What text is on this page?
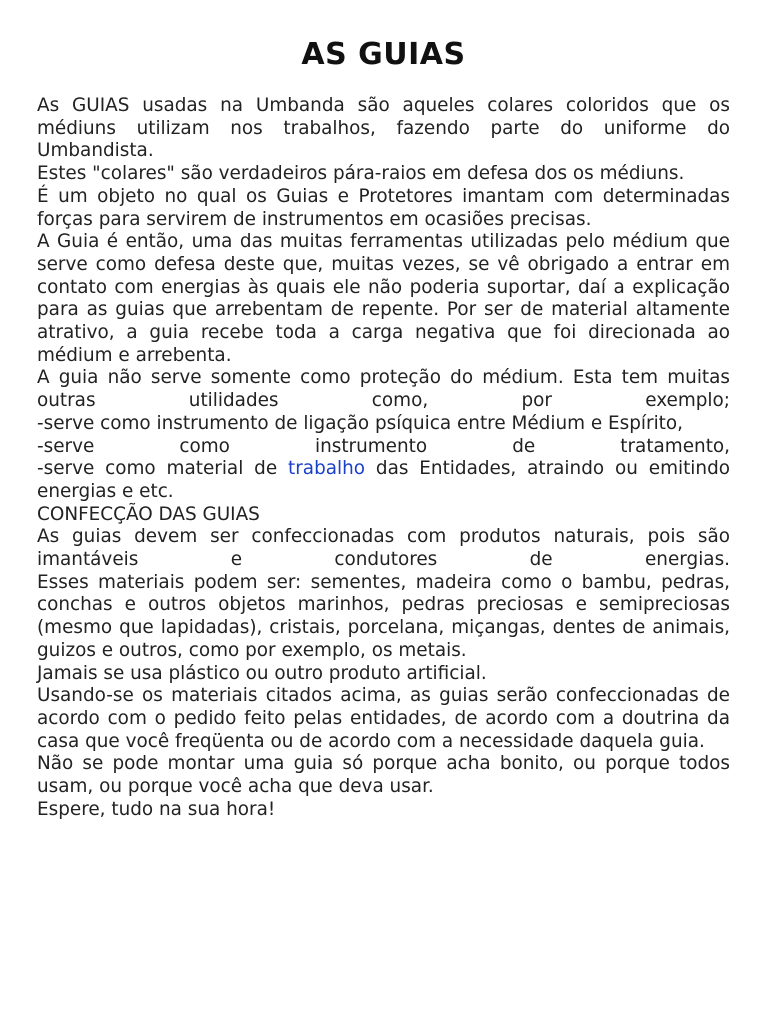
AS GUIAS

As GUIAS usadas na Umbanda são aqueles colares coloridos que os médiuns utilizam nos trabalhos, fazendo parte do uniforme do Umbandista.

Estes "colares" são verdadeiros pára-raios em defesa dos os médiuns.

É um objeto no qual os Guias e Protetores imantam com determinadas forças para servirem de instrumentos em ocasiões precisas.

A Guia é então, uma das muitas ferramentas utilizadas pelo médium que serve como defesa deste que, muitas vezes, se vê obrigado a entrar em contato com energias às quais ele não poderia suportar, daí a explicação para as guias que arrebentam de repente. Por ser de material altamente atrativo, a guia recebe toda a carga negativa que foi direcionada ao médium e arrebenta.

A guia não serve somente como proteção do médium. Esta tem muitas outras utilidades como, por exemplo;

-serve como instrumento de ligação psíquica entre Médium e Espírito,

-serve como instrumento de tratamento,

-serve como material de trabalho das Entidades, atraindo ou emitindo energias e etc.

CONFECÇÃO DAS GUIAS

As guias devem ser confeccionadas com produtos naturais, pois são imantáveis e condutores de energias.

Esses materiais podem ser: sementes, madeira como o bambu, pedras, conchas e outros objetos marinhos, pedras preciosas e semipreciosas (mesmo que lapidadas), cristais, porcelana, miçangas, dentes de animais, guizos e outros, como por exemplo, os metais.

Jamais se usa plástico ou outro produto artificial.

Usando-se os materiais citados acima, as guias serão confeccionadas de acordo com o pedido feito pelas entidades, de acordo com a doutrina da casa que você freqüenta ou de acordo com a necessidade daquela guia.

Não se pode montar uma guia só porque acha bonito, ou porque todos usam, ou porque você acha que deva usar.

Espere, tudo na sua hora!
